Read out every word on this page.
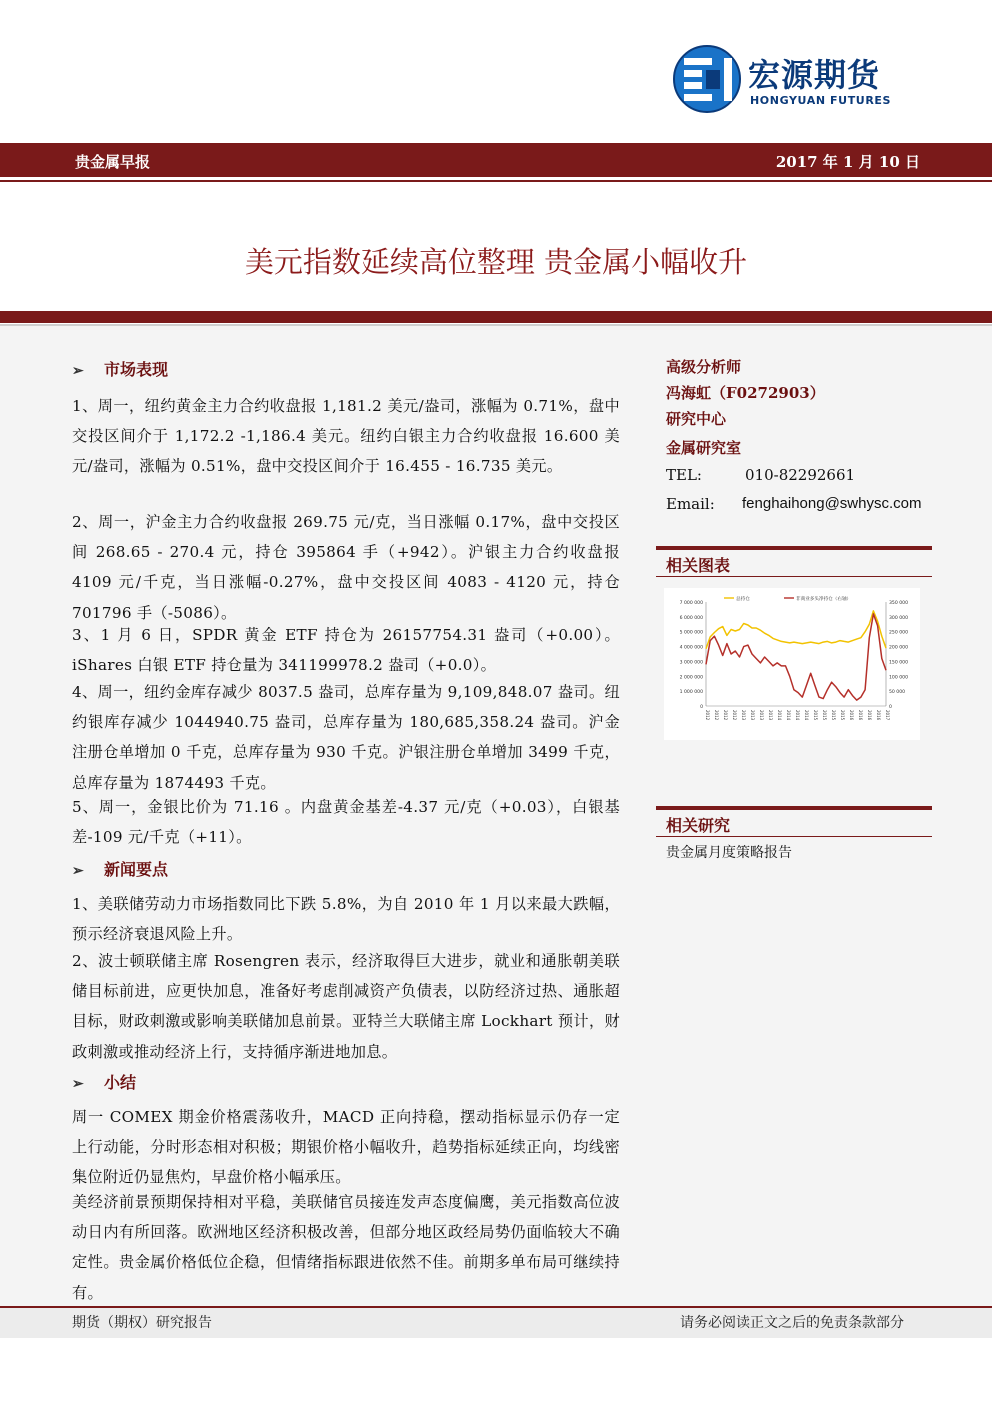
宏源期货
HONGYUAN FUTURES
贵金属早报	2017 年 1 月 10 日
美元指数延续高位整理 贵金属小幅收升
➢ 市场表现
1、周一，纽约黄金主力合约收盘报 1,181.2 美元/盎司，涨幅为 0.71%，盘中交投区间介于 1,172.2 -1,186.4 美元。纽约白银主力合约收盘报 16.600 美元/盎司，涨幅为 0.51%，盘中交投区间介于 16.455 - 16.735 美元。
2、周一，沪金主力合约收盘报 269.75 元/克，当日涨幅 0.17%，盘中交投区间 268.65 - 270.4 元，持仓 395864 手（+942）。沪银主力合约收盘报 4109 元/千克，当日涨幅-0.27%，盘中交投区间 4083 - 4120 元，持仓 701796 手（-5086）。
3、1 月 6 日，SPDR 黄金 ETF 持仓为 26157754.31 盎司（+0.00）。iShares 白银 ETF 持仓量为 341199978.2 盎司（+0.0）。
4、周一，纽约金库存减少 8037.5 盎司，总库存量为 9,109,848.07 盎司。纽约银库存减少 1044940.75 盎司，总库存量为 180,685,358.24 盎司。沪金注册仓单增加 0 千克，总库存量为 930 千克。沪银注册仓单增加 3499 千克，总库存量为 1874493 千克。
5、周一，金银比价为 71.16 。内盘黄金基差-4.37 元/克（+0.03），白银基差-109 元/千克（+11）。
➢ 新闻要点
1、美联储劳动力市场指数同比下跌 5.8%，为自 2010 年 1 月以来最大跌幅，预示经济衰退风险上升。
2、波士顿联储主席 Rosengren 表示，经济取得巨大进步，就业和通胀朝美联储目标前进，应更快加息，准备好考虑削减资产负债表，以防经济过热、通胀超目标，财政刺激或影响美联储加息前景。亚特兰大联储主席 Lockhart 预计，财政刺激或推动经济上行，支持循序渐进地加息。
➢ 小结
周一 COMEX 期金价格震荡收升，MACD 正向持稳，摆动指标显示仍存一定上行动能，分时形态相对积极；期银价格小幅收升，趋势指标延续正向，均线密集位附近仍显焦灼，早盘价格小幅承压。
美经济前景预期保持相对平稳，美联储官员接连发声态度偏鹰，美元指数高位波动日内有所回落。欧洲地区经济积极改善，但部分地区政经局势仍面临较大不确定性。贵金属价格低位企稳，但情绪指标跟进依然不佳。前期多单布局可继续持有。
高级分析师
冯海虹（F0272903）
研究中心
金属研究室
TEL:	010-82292661
Email: fenghaihong@swhysc.com
相关图表
0
1 000 000
2 000 000
3 000 000
4 000 000
5 000 000
6 000 000
7 000 000
0
50 000
100 000
150 000
200 000
250 000
300 000
350 000
2012 2012 2012 2012 2013 2013 2013 2013 2014 2014 2014 2014 2015 2015 2015 2015 2016 2016 2016 2016 2017
总持仓	非商业多头净持仓（右轴）
相关研究
贵金属月度策略报告
期货（期权）研究报告	请务必阅读正文之后的免责条款部分
